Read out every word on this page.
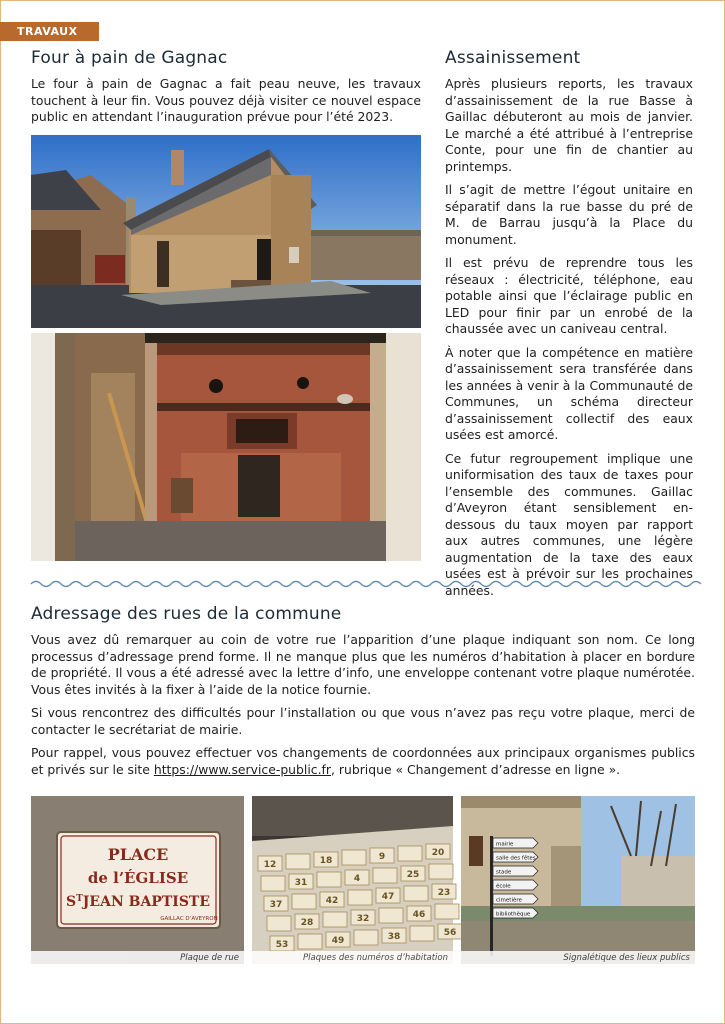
TRAVAUX
Four à pain de Gagnac

Le four à pain de Gagnac a fait peau neuve, les travaux touchent à leur fin. Vous pouvez déjà visiter ce nouvel espace public en attendant l’inauguration prévue pour l’été 2023.

Assainissement

Après plusieurs reports, les travaux d’assainissement de la rue Basse à Gaillac débuteront au mois de janvier. Le marché a été attribué à l’entreprise Conte, pour une fin de chantier au printemps.

Il s’agit de mettre l’égout unitaire en séparatif dans la rue basse du pré de M. de Barrau jusqu’à la Place du monument.

Il est prévu de reprendre tous les réseaux : électricité, téléphone, eau potable ainsi que l’éclairage public en LED pour finir par un enrobé de la chaussée avec un caniveau central.

À noter que la compétence en matière d’assainissement sera transférée dans les années à venir à la Communauté de Communes, un schéma directeur d’assainissement collectif des eaux usées est amorcé.

Ce futur regroupement implique une uniformisation des taux de taxes pour l’ensemble des communes. Gaillac d’Aveyron étant sensiblement en-dessous du taux moyen par rapport aux autres communes, une légère augmentation de la taxe des eaux usées est à prévoir sur les prochaines années.

Adressage des rues de la commune

Vous avez dû remarquer au coin de votre rue l’apparition d’une plaque indiquant son nom. Ce long processus d’adressage prend forme. Il ne manque plus que les numéros d’habitation à placer en bordure de propriété. Il vous a été adressé avec la lettre d’info, une enveloppe contenant votre plaque numérotée. Vous êtes invités à la fixer à l’aide de la notice fournie.

Si vous rencontrez des difficultés pour l’installation ou que vous n’avez pas reçu votre plaque, merci de contacter le secrétariat de mairie.

Pour rappel, vous pouvez effectuer vos changements de coordonnées aux principaux organismes publics et privés sur le site https://www.service-public.fr, rubrique « Changement d’adresse en ligne ».

PLACE
de l’ÉGLISE
$S^TJEAN$ BAPTISTE
GAILLAC D’AVEYRON
Plaque de rue
12	18	9	20
31	4	25
37	42	47	23
28	32	46
53	49	38	56
Plaques des numéros d’habitation
mairie
salle des fêtes
stade
école
cimetière
bibliothèque
Signalétique des lieux publics
